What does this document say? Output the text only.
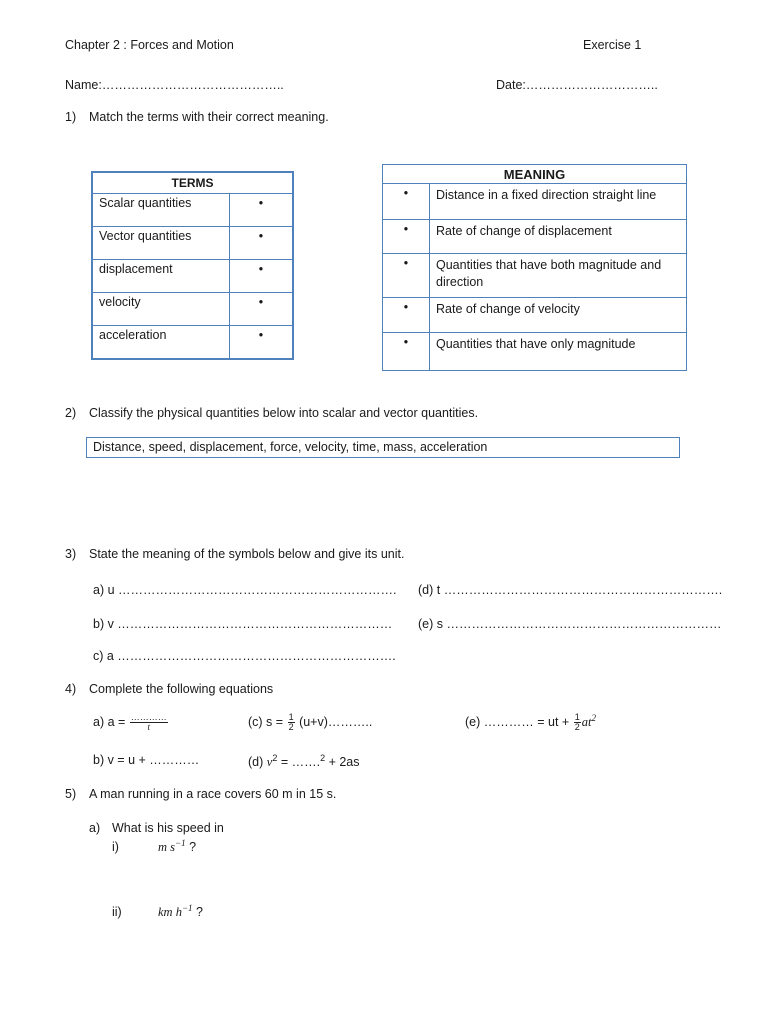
Chapter 2 : Forces and Motion	Exercise 1
Name:……………………………………..	Date:…………………………..
1) Match the terms with their correct meaning.
TERMS	
Scalar quantities	•
Vector quantities	•
displacement	•
velocity	•
acceleration	•
MEANING	
•	Distance in a fixed direction straight line
•	Rate of change of displacement
•	Quantities that have both magnitude and direction
•	Rate of change of velocity
•	Quantities that have only magnitude
2) Classify the physical quantities below into scalar and vector quantities.
Distance, speed, displacement, force, velocity, time, mass, acceleration
3) State the meaning of the symbols below and give its unit.
a) u …………………………………………………………. (d) t ………………………………………………………….
b) v ………………………………………………………… (e) s …………………………………………………………
c) a ………………………………………………………….
4) Complete the following equations
a) $a = \frac{\dots\dots\dots\dots}{t}$	(c) $s = \frac{1}{2}$ (u+v)………..	(e) ………… = ut + $\frac{1}{2} at^2$
b) v = u + …………	(d) $v^2$ = …….$^2$ + 2as
5) A man running in a race covers 60 m in 15 s.
a) What is his speed in
i)	m $s^{-1}$ ?
ii)	km $h^{-1}$ ?
